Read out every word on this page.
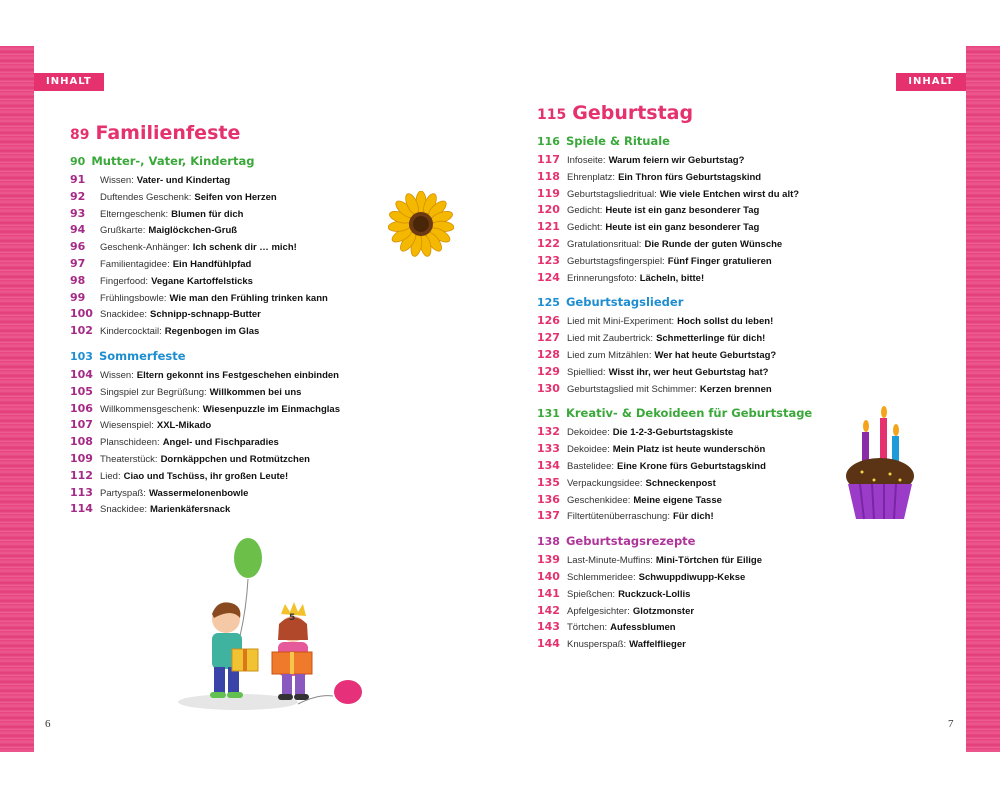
INHALT	INHALT
6	7
89 Familienfeste
90 Mutter-, Vater, Kindertag
91	Wissen: Vater- und Kindertag
92	Duftendes Geschenk: Seifen von Herzen
93	Elterngeschenk: Blumen für dich
94	Grußkarte: Maiglöckchen-Gruß
96	Geschenk-Anhänger: Ich schenk dir … mich!
97	Familientagidee: Ein Handfühlpfad
98	Fingerfood: Vegane Kartoffelsticks
99	Frühlingsbowle: Wie man den Frühling trinken kann
100 Snackidee: Schnipp-schnapp-Butter
102 Kindercocktail: Regenbogen im Glas
103 Sommerfeste
104 Wissen: Eltern gekonnt ins Festgeschehen einbinden
105 Singspiel zur Begrüßung: Willkommen bei uns
106 Willkommensgeschenk: Wiesenpuzzle im Einmachglas
107 Wiesenspiel: XXL-Mikado
108 Planschideen: Angel- und Fischparadies
109 Theaterstück: Dornkäppchen und Rotmützchen
112 Lied: Ciao und Tschüss, ihr großen Leute!
113 Partyspaß: Wassermelonenbowle
114 Snackidee: Marienkäfersnack
115 Geburtstag
116 Spiele & Rituale
117 Infoseite: Warum feiern wir Geburtstag?
118 Ehrenplatz: Ein Thron fürs Geburtstagskind
119 Geburtstagsliedritual: Wie viele Entchen wirst du alt?
120 Gedicht: Heute ist ein ganz besonderer Tag
121 Gedicht: Heute ist ein ganz besonderer Tag
122 Gratulationsritual: Die Runde der guten Wünsche
123 Geburtstagsfingerspiel: Fünf Finger gratulieren
124 Erinnerungsfoto: Lächeln, bitte!
125 Geburtstagslieder
126 Lied mit Mini-Experiment: Hoch sollst du leben!
127 Lied mit Zaubertrick: Schmetterlinge für dich!
128 Lied zum Mitzählen: Wer hat heute Geburtstag?
129 Spiellied: Wisst ihr, wer heut Geburtstag hat?
130 Geburtstagslied mit Schimmer: Kerzen brennen
131 Kreativ- & Dekoideen für Geburtstage
132 Dekoidee: Die 1-2-3-Geburtstagskiste
133 Dekoidee: Mein Platz ist heute wunderschön
134 Bastelidee: Eine Krone fürs Geburtstagskind
135 Verpackungsidee: Schneckenpost
136 Geschenkidee: Meine eigene Tasse
137 Filtertütenüberraschung: Für dich!
138 Geburtstagsrezepte
139 Last-Minute-Muffins: Mini-Törtchen für Eilige
140 Schlemmeridee: Schwuppdiwupp-Kekse
141 Spießchen: Ruckzuck-Lollis
142 Apfelgesichter: Glotzmonster
143 Törtchen: Aufessblumen
144 Knusperspaß: Waffelflieger
5
